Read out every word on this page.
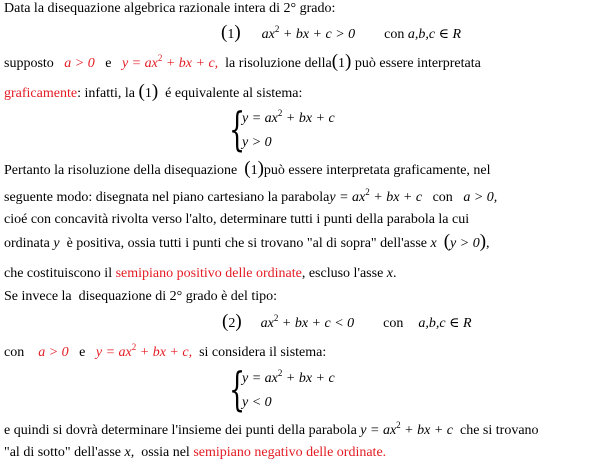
Data la disequazione algebrica razionale intera di 2° grado:
(1) $ax^2$ + bx + c > 0 con a,b,c ∈ R
supposto a > 0 e $y = ax^2$ + bx + c, la risoluzione della(1) può essere interpretata
graficamente: infatti, la (1) é equivalente al sistema:
{
$y = ax^2$ + bx + c
y > 0
Pertanto la risoluzione della disequazione (1)può essere interpretata graficamente, nel
seguente modo: disegnata nel piano cartesiano la parabolay = $ax^2$ + bx + c con a > 0,
cioé con concavità rivolta verso l'alto, determinare tutti i punti della parabola la cui
ordinata y è positiva, ossia tutti i punti che si trovano "al di sopra" dell'asse x (y > 0),
che costituiscono il semipiano positivo delle ordinate, escluso l'asse x.
Se invece la  disequazione di 2° grado è del tipo:
(2) $ax^2$ + bx + c < 0 con a,b,c ∈ R
con a > 0 e $y = ax^2$ + bx + c, si considera il sistema:
{
$y = ax^2$ + bx + c
y < 0
e quindi si dovrà determinare l'insieme dei punti della parabola $y = ax^2$ + bx + c che si trovano
"al di sotto" dell'asse x, ossia nel semipiano negativo delle ordinate.
